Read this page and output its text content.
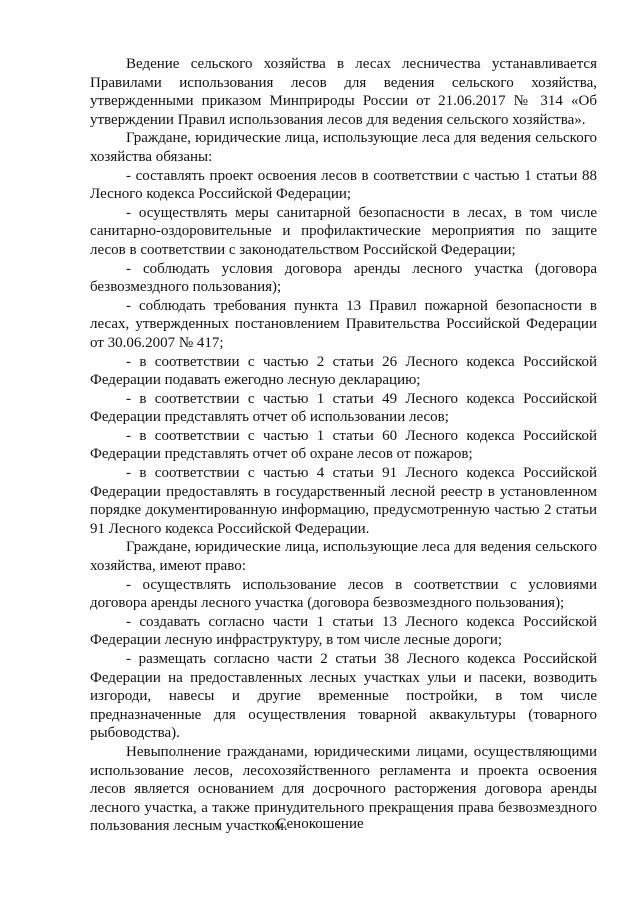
Ведение сельского хозяйства в лесах лесничества устанавливается Правилами использования лесов для ведения сельского хозяйства, утвержденными приказом Минприроды России от 21.06.2017 № 314 «Об утверждении Правил использования лесов для ведения сельского хозяйства».

Граждане, юридические лица, использующие леса для ведения сельского хозяйства обязаны:

- составлять проект освоения лесов в соответствии с частью 1 статьи 88 Лесного кодекса Российской Федерации;

- осуществлять меры санитарной безопасности в лесах, в том числе санитарно-оздоровительные и профилактические мероприятия по защите лесов в соответствии с законодательством Российской Федерации;

- соблюдать условия договора аренды лесного участка (договора безвозмездного пользования);

- соблюдать требования пункта 13 Правил пожарной безопасности в лесах, утвержденных постановлением Правительства Российской Федерации от 30.06.2007 № 417;

- в соответствии с частью 2 статьи 26 Лесного кодекса Российской Федерации подавать ежегодно лесную декларацию;

- в соответствии с частью 1 статьи 49 Лесного кодекса Российской Федерации представлять отчет об использовании лесов;

- в соответствии с частью 1 статьи 60 Лесного кодекса Российской Федерации представлять отчет об охране лесов от пожаров;

- в соответствии с частью 4 статьи 91 Лесного кодекса Российской Федерации предоставлять в государственный лесной реестр в установленном порядке документированную информацию, предусмотренную частью 2 статьи 91 Лесного кодекса Российской Федерации.

Граждане, юридические лица, использующие леса для ведения сельского хозяйства, имеют право:

- осуществлять использование лесов в соответствии с условиями договора аренды лесного участка (договора безвозмездного пользования);

- создавать согласно части 1 статьи 13 Лесного кодекса Российской Федерации лесную инфраструктуру, в том числе лесные дороги;

- размещать согласно части 2 статьи 38 Лесного кодекса Российской Федерации на предоставленных лесных участках ульи и пасеки, возводить изгороди, навесы и другие временные постройки, в том числе предназначенные для осуществления товарной аквакультуры (товарного рыбоводства).

Невыполнение гражданами, юридическими лицами, осуществляющими использование лесов, лесохозяйственного регламента и проекта освоения лесов является основанием для досрочного расторжения договора аренды лесного участка, а также принудительного прекращения права безвозмездного пользования лесным участком.

Сенокошение
